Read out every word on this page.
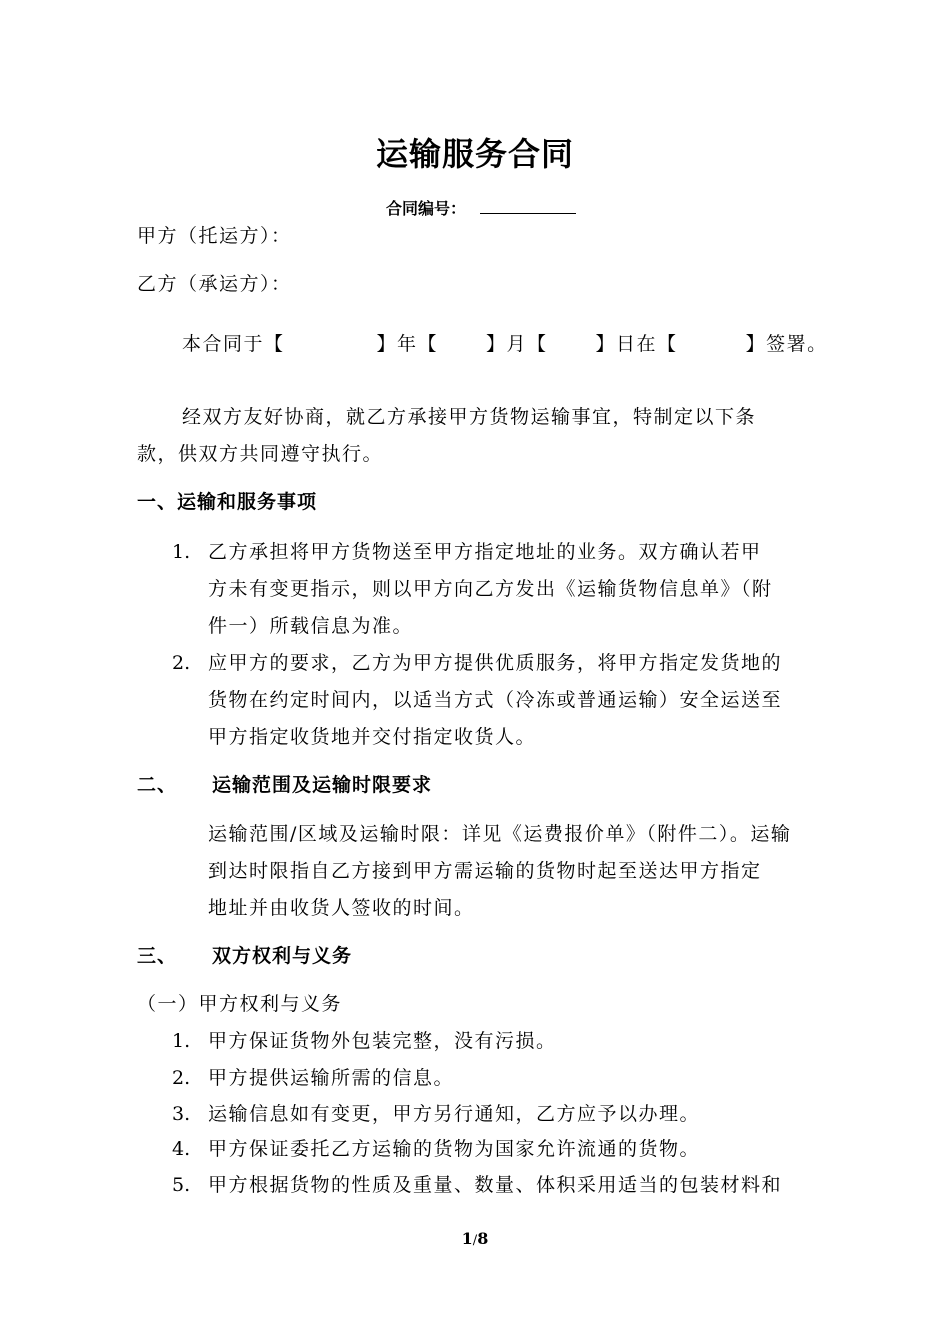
运输服务合同
合同编号：
甲方（托运方）：
乙方（承运方）：
本合同于【	】年【	】月【	】日在【	】签署。
经双方友好协商，就乙方承接甲方货物运输事宜，特制定以下条
款，供双方共同遵守执行。
一、运输和服务事项
1. 乙方承担将甲方货物送至甲方指定地址的业务。双方确认若甲
方未有变更指示，则以甲方向乙方发出《运输货物信息单》（附
件一）所载信息为准。
2. 应甲方的要求，乙方为甲方提供优质服务，将甲方指定发货地的
货物在约定时间内，以适当方式（冷冻或普通运输）安全运送至
甲方指定收货地并交付指定收货人。
二、 运输范围及运输时限要求
运输范围/区域及运输时限：详见《运费报价单》（附件二）。运输
到达时限指自乙方接到甲方需运输的货物时起至送达甲方指定
地址并由收货人签收的时间。
三、 双方权利与义务
（一）甲方权利与义务
1. 甲方保证货物外包装完整，没有污损。
2. 甲方提供运输所需的信息。
3. 运输信息如有变更，甲方另行通知，乙方应予以办理。
4. 甲方保证委托乙方运输的货物为国家允许流通的货物。
5. 甲方根据货物的性质及重量、数量、体积采用适当的包装材料和
1/8
